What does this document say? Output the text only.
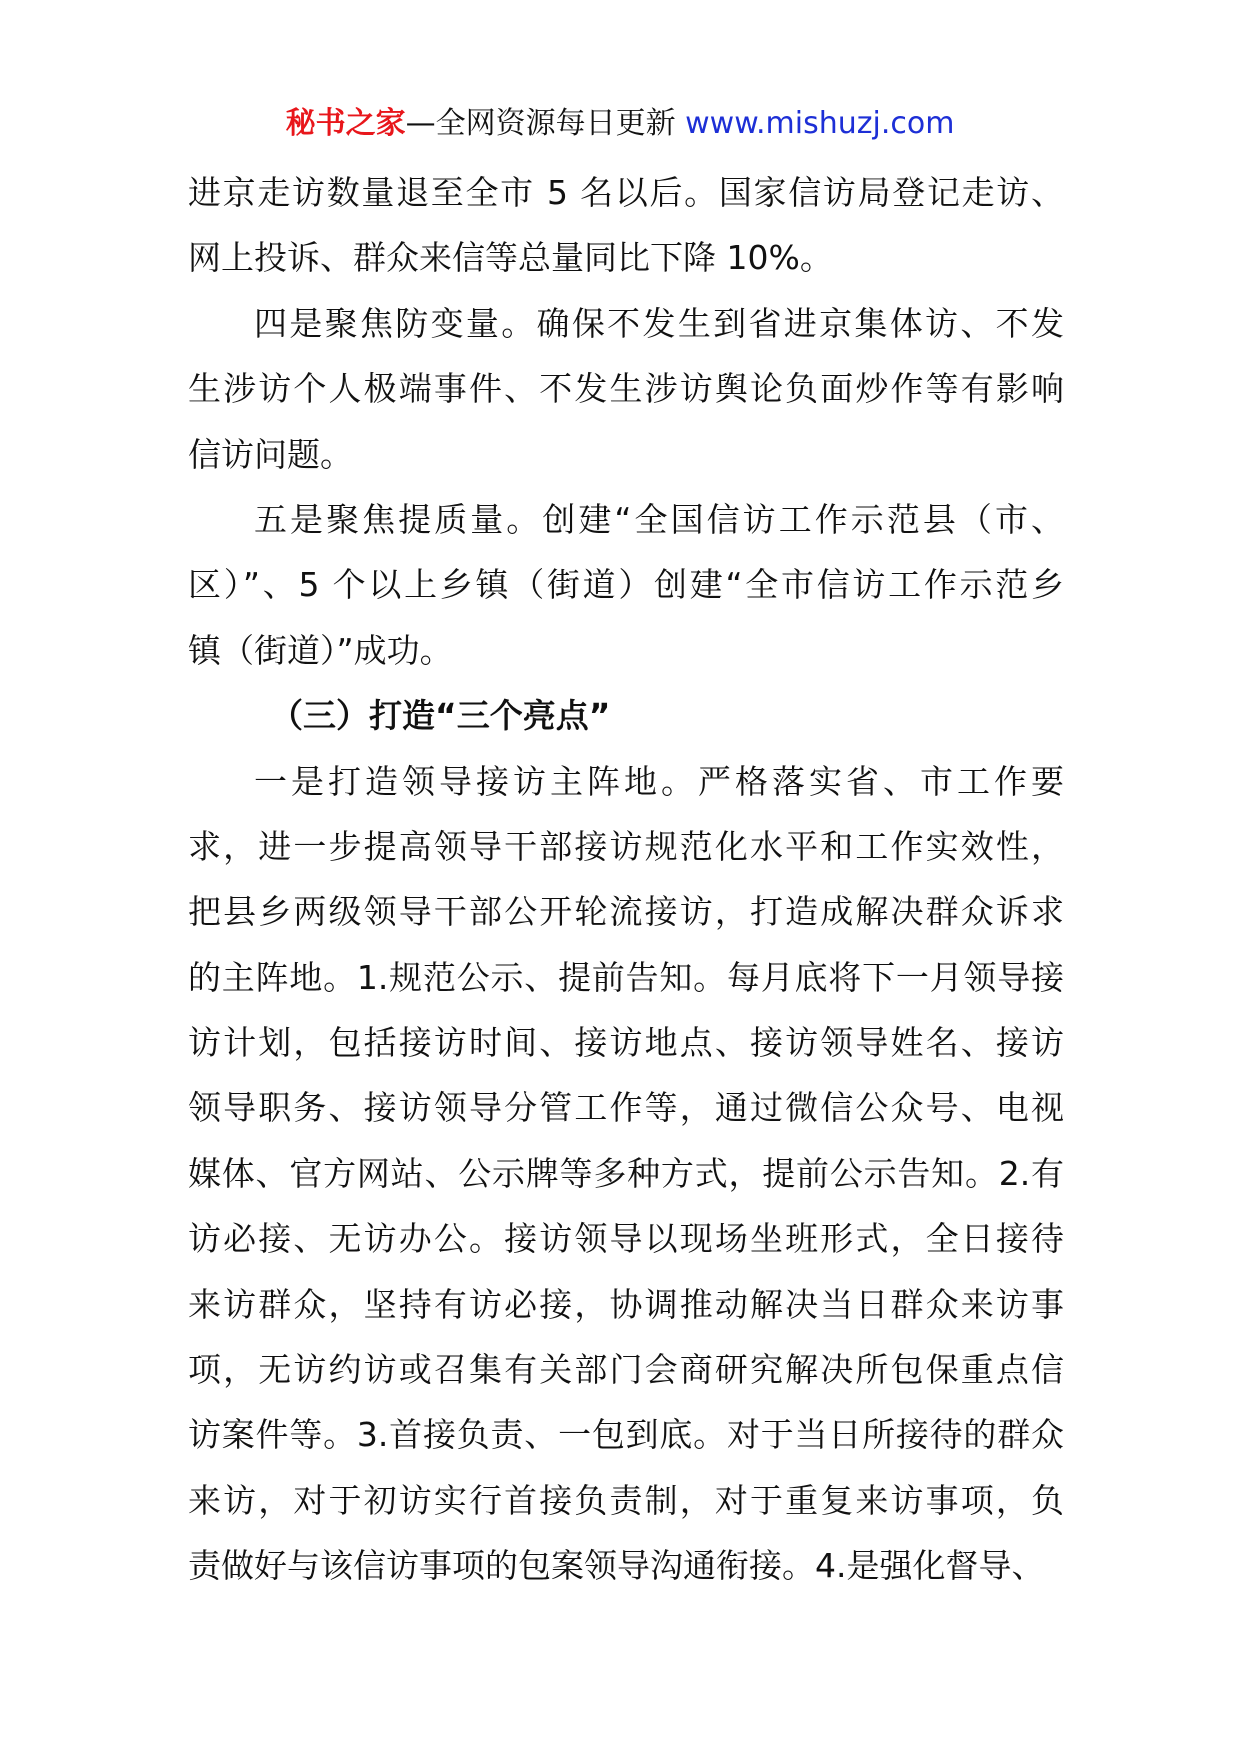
秘书之家—全网资源每日更新 www.mishuzj.com
进京走访数量退至全市 5 名以后。国家信访局登记走访、
网上投诉、群众来信等总量同比下降 10%。
四是聚焦防变量。确保不发生到省进京集体访、不发
生涉访个人极端事件、不发生涉访舆论负面炒作等有影响
信访问题。
五是聚焦提质量。创建“全国信访工作示范县（市、
区）”、5 个以上乡镇（街道）创建“全市信访工作示范乡
镇（街道）”成功。
（三）打造“三个亮点”
一是打造领导接访主阵地。严格落实省、市工作要
求，进一步提高领导干部接访规范化水平和工作实效性，
把县乡两级领导干部公开轮流接访，打造成解决群众诉求
的主阵地。1.规范公示、提前告知。每月底将下一月领导接
访计划，包括接访时间、接访地点、接访领导姓名、接访
领导职务、接访领导分管工作等，通过微信公众号、电视
媒体、官方网站、公示牌等多种方式，提前公示告知。2.有
访必接、无访办公。接访领导以现场坐班形式，全日接待
来访群众，坚持有访必接，协调推动解决当日群众来访事
项，无访约访或召集有关部门会商研究解决所包保重点信
访案件等。3.首接负责、一包到底。对于当日所接待的群众
来访，对于初访实行首接负责制，对于重复来访事项，负
责做好与该信访事项的包案领导沟通衔接。4.是强化督导、
